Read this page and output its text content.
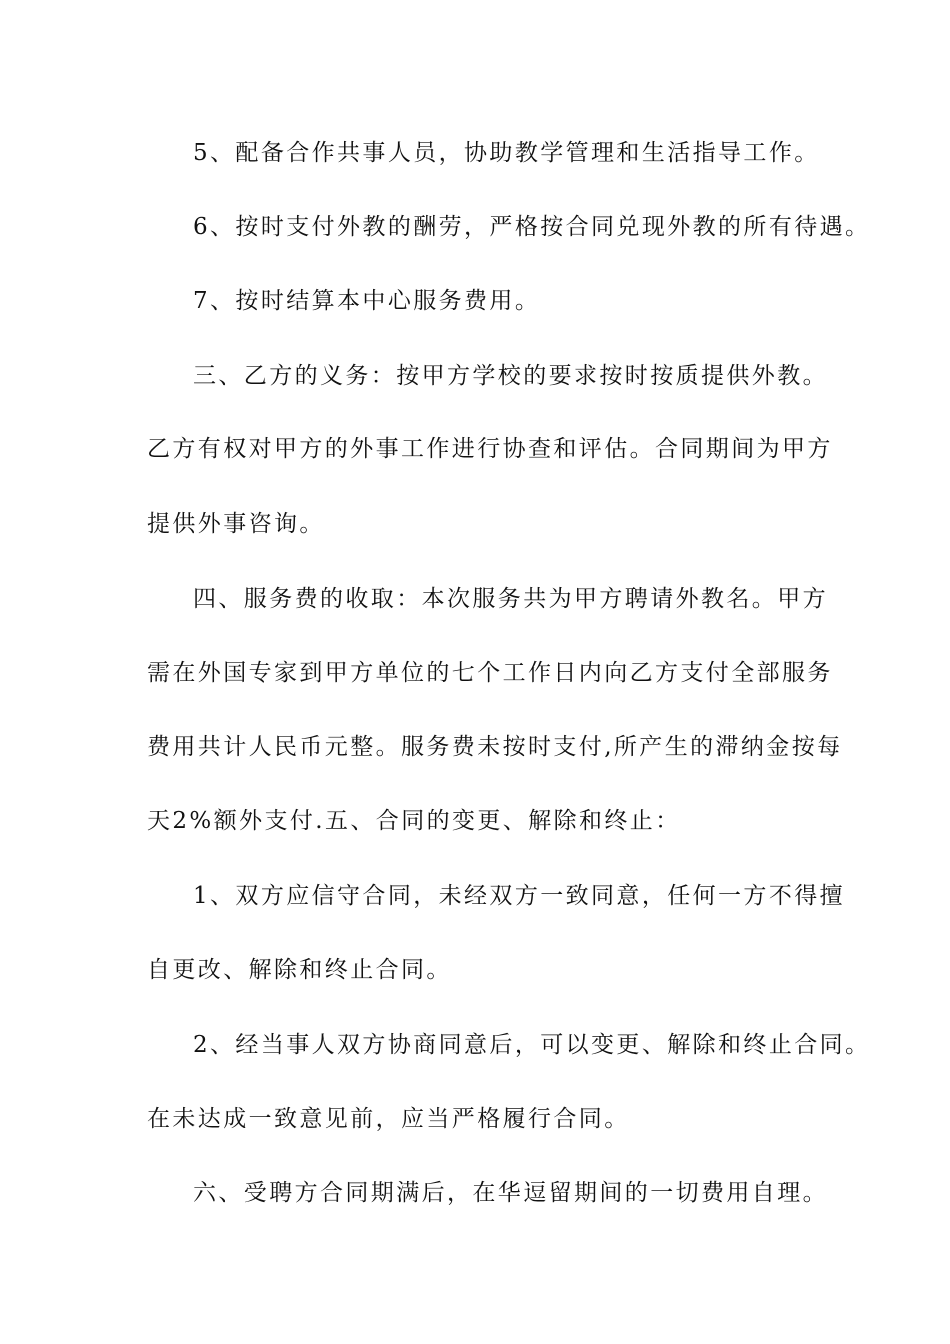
5、配备合作共事人员，协助教学管理和生活指导工作。
6、按时支付外教的酬劳，严格按合同兑现外教的所有待遇。
7、按时结算本中心服务费用。
三、乙方的义务：按甲方学校的要求按时按质提供外教。
乙方有权对甲方的外事工作进行协查和评估。合同期间为甲方
提供外事咨询。
四、服务费的收取：本次服务共为甲方聘请外教名。甲方
需在外国专家到甲方单位的七个工作日内向乙方支付全部服务
费用共计人民币元整。服务费未按时支付,所产生的滞纳金按每
天2%额外支付.五、合同的变更、解除和终止：
1、双方应信守合同，未经双方一致同意，任何一方不得擅
自更改、解除和终止合同。
2、经当事人双方协商同意后，可以变更、解除和终止合同。
在未达成一致意见前，应当严格履行合同。
六、受聘方合同期满后，在华逗留期间的一切费用自理。
